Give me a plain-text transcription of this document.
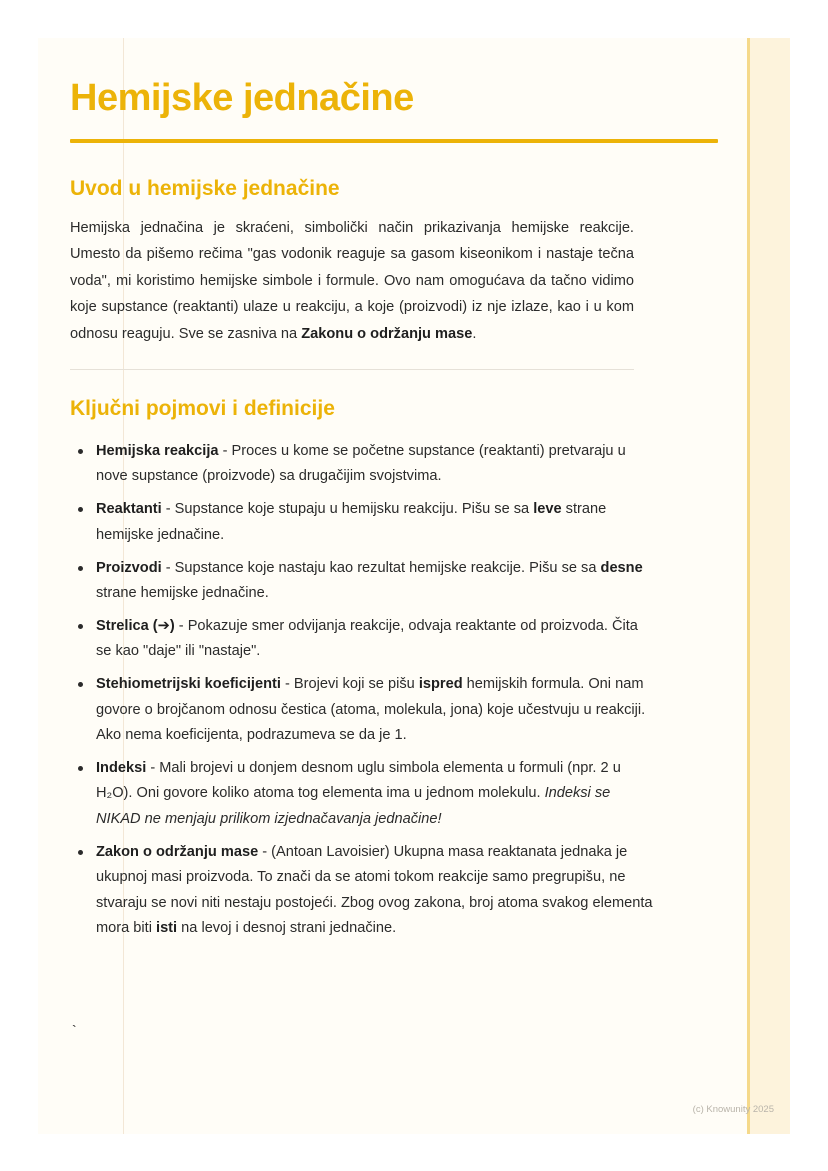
Hemijske jednačine
Uvod u hemijske jednačine

Hemijska jednačina je skraćeni, simbolički način prikazivanja hemijske reakcije. Umesto da pišemo rečima "gas vodonik reaguje sa gasom kiseonikom i nastaje tečna voda", mi koristimo hemijske simbole i formule. Ovo nam omogućava da tačno vidimo koje supstance (reaktanti) ulaze u reakciju, a koje (proizvodi) iz nje izlaze, kao i u kom odnosu reaguju. Sve se zasniva na Zakonu o održanju mase.

Ključni pojmovi i definicije
Hemijska reakcija - Proces u kome se početne supstance (reaktanti) pretvaraju u nove supstance (proizvode) sa drugačijim svojstvima.
Reaktanti - Supstance koje stupaju u hemijsku reakciju. Pišu se sa leve strane hemijske jednačine.
Proizvodi - Supstance koje nastaju kao rezultat hemijske reakcije. Pišu se sa desne strane hemijske jednačine.
Strelica (➔) - Pokazuje smer odvijanja reakcije, odvaja reaktante od proizvoda. Čita se kao "daje" ili "nastaje".
Stehiometrijski koeficijenti - Brojevi koji se pišu ispred hemijskih formula. Oni nam govore o brojčanom odnosu čestica (atoma, molekula, jona) koje učestvuju u reakciji. Ako nema koeficijenta, podrazumeva se da je 1.
Indeksi - Mali brojevi u donjem desnom uglu simbola elementa u formuli (npr. 2 u H₂O). Oni govore koliko atoma tog elementa ima u jednom molekulu. Indeksi se NIKAD ne menjaju prilikom izjednačavanja jednačine!
Zakon o održanju mase - (Antoan Lavoisier) Ukupna masa reaktanata jednaka je ukupnoj masi proizvoda. To znači da se atomi tokom reakcije samo pregrupišu, ne stvaraju se novi niti nestaju postojeći. Zbog ovog zakona, broj atoma svakog elementa mora biti isti na levoj i desnoj strani jednačine.
`
(c) Knowunity 2025
